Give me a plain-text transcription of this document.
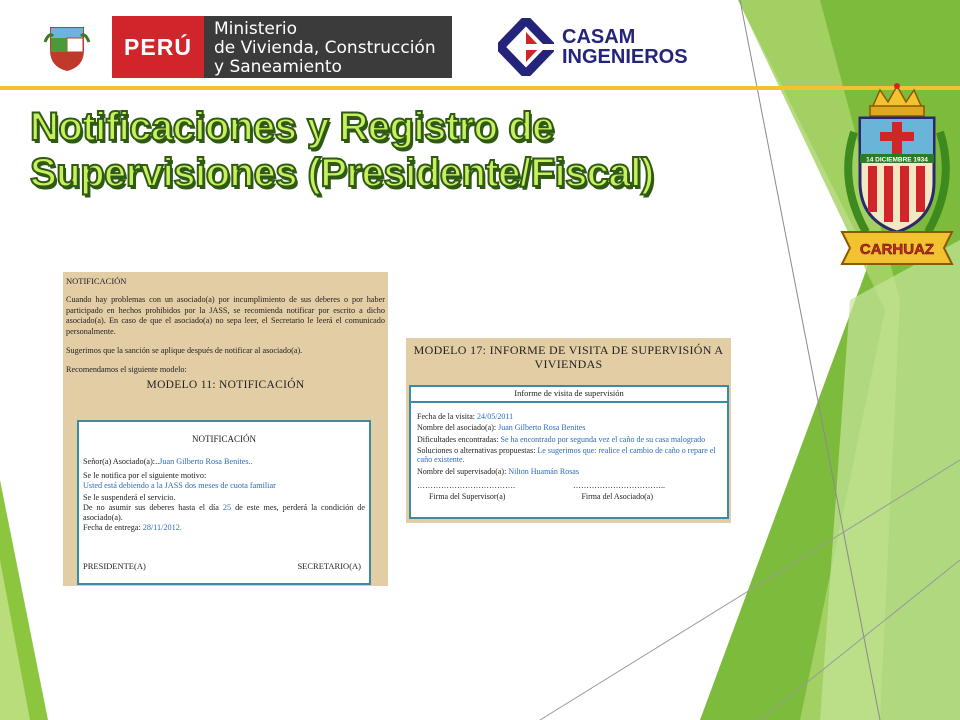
PERÚ
Ministerio
de Vivienda, Construcción
y Saneamiento
CASAM
INGENIEROS
Notificaciones y Registro de
Supervisiones (Presidente/Fiscal)	14 DICIEMBRE 1934
CARHUAZ
NOTIFICACIÓN

Cuando hay problemas con un asociado(a) por incumplimiento de sus deberes o por haber participado en hechos prohibidos por la JASS, se recomienda notificar por escrito a dicho asociado(a). En caso de que el asociado(a) no sepa leer, el Secretario le leerá el comunicado personalmente.

Sugerimos que la sanción se aplique después de notificar al asociado(a).

Recomendamos el siguiente modelo:

MODELO 11: NOTIFICACIÓN
NOTIFICACIÓN
Señor(a) Asociado(a):..Juan Gilberto Rosa Benites..
Se le notifica por el siguiente motivo:
Usted está debiendo a la JASS dos meses de cuota familiar
Se le suspenderá el servicio.
De no asumir sus deberes hasta el día 25 de este mes, perderá la condición de asociado(a).
Fecha de entrega: 28/11/2012.
PRESIDENTE(A)	SECRETARIO(A)
MODELO 17: INFORME DE VISITA DE SUPERVISIÓN A VIVIENDAS
Informe de visita de supervisión
Fecha de la visita: 24/05/2011
Nombre del asociado(a): Juan Gilberto Rosa Benites
Dificultades encontradas: Se ha encontrado por segunda vez el caño de su casa malogrado
Soluciones o alternativas propuestas: Le sugerimos que: realice el cambio de caño o repare el caño existente.
Nombre del supervisado(a): Nilton Huamán Rosas
……………………………….	……………………………..
Firma del Supervisor(a)	Firma del Asociado(a)
